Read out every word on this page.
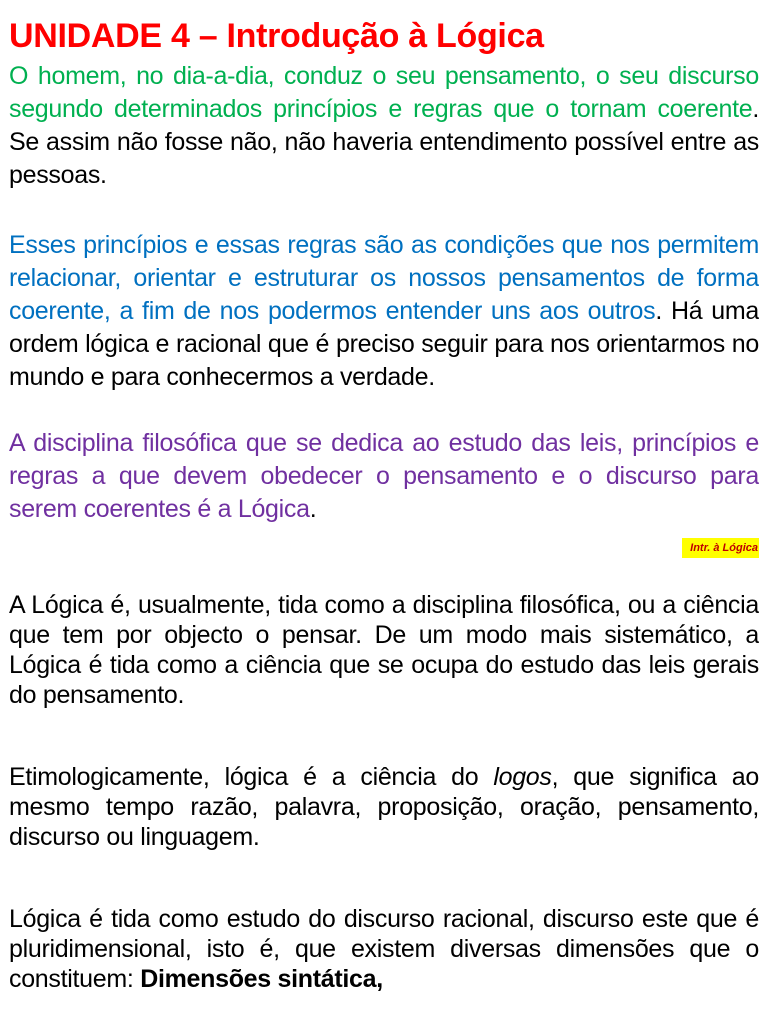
UNIDADE 4 – Introdução à Lógica

O homem, no dia-a-dia, conduz o seu pensamento, o seu discurso segundo determinados princípios e regras que o tornam coerente. Se assim não fosse não, não haveria entendimento possível entre as pessoas.

Esses princípios e essas regras são as condições que nos permitem relacionar, orientar e estruturar os nossos pensamentos de forma coerente, a fim de nos podermos entender uns aos outros. Há uma ordem lógica e racional que é preciso seguir para nos orientarmos no mundo e para conhecermos a verdade.

A disciplina filosófica que se dedica ao estudo das leis, princípios e regras a que devem obedecer o pensamento e o discurso para serem coerentes é a Lógica.

Intr. à Lógica

A Lógica é, usualmente, tida como a disciplina filosófica, ou a ciência que tem por objecto o pensar. De um modo mais sistemático, a Lógica é tida como a ciência que se ocupa do estudo das leis gerais do pensamento.

Etimologicamente, lógica é a ciência do logos, que significa ao mesmo tempo razão, palavra, proposição, oração, pensamento, discurso ou linguagem.

Lógica é tida como estudo do discurso racional, discurso este que é pluridimensional, isto é, que existem diversas dimensões que o constituem: Dimensões sintática,
